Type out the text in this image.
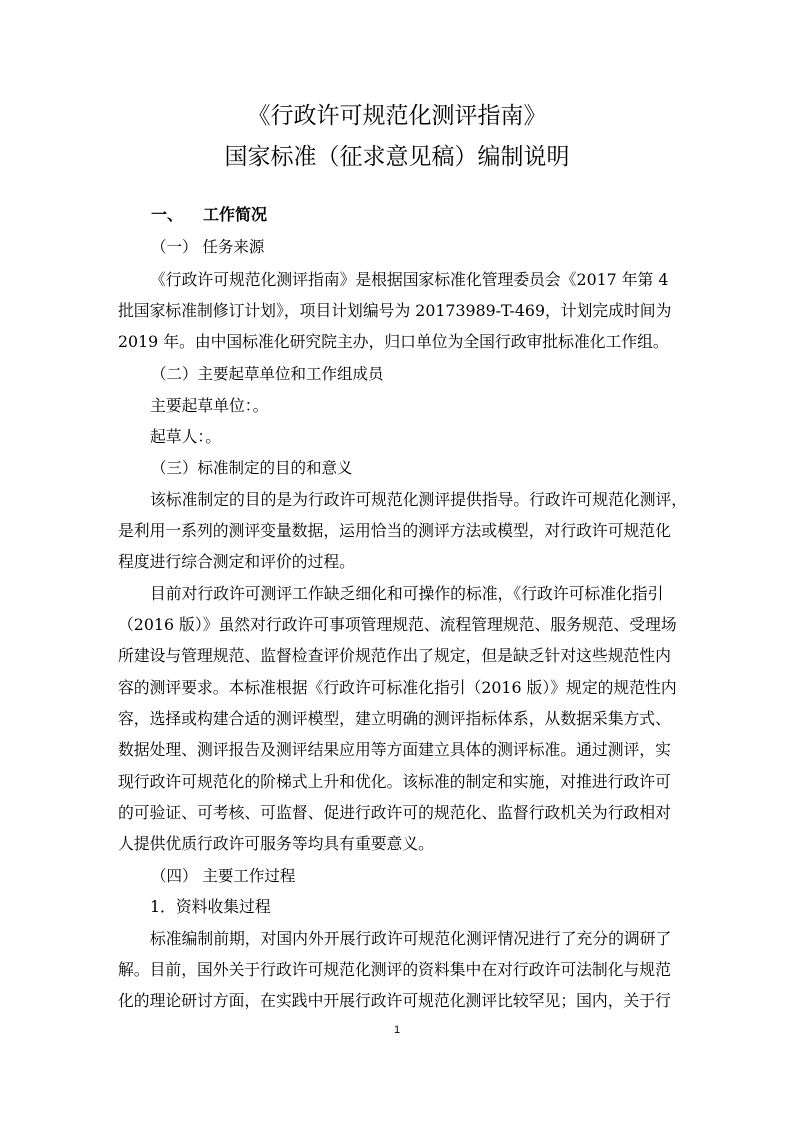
《行政许可规范化测评指南》
国家标准（征求意见稿）编制说明
一、 工作简况
（一） 任务来源
《行政许可规范化测评指南》是根据国家标准化管理委员会《2017 年第 4
批国家标准制修订计划》，项目计划编号为 20173989-T-469，计划完成时间为
2019 年。由中国标准化研究院主办，归口单位为全国行政审批标准化工作组。
（二）主要起草单位和工作组成员
主要起草单位：。
起草人：。
（三）标准制定的目的和意义
该标准制定的目的是为行政许可规范化测评提供指导。行政许可规范化测评，
是利用一系列的测评变量数据，运用恰当的测评方法或模型，对行政许可规范化
程度进行综合测定和评价的过程。
目前对行政许可测评工作缺乏细化和可操作的标准，《行政许可标准化指引
（2016 版）》虽然对行政许可事项管理规范、流程管理规范、服务规范、受理场
所建设与管理规范、监督检查评价规范作出了规定，但是缺乏针对这些规范性内
容的测评要求。本标准根据《行政许可标准化指引（2016 版）》规定的规范性内
容，选择或构建合适的测评模型，建立明确的测评指标体系，从数据采集方式、
数据处理、测评报告及测评结果应用等方面建立具体的测评标准。通过测评，实
现行政许可规范化的阶梯式上升和优化。该标准的制定和实施，对推进行政许可
的可验证、可考核、可监督、促进行政许可的规范化、监督行政机关为行政相对
人提供优质行政许可服务等均具有重要意义。
（四） 主要工作过程
1．资料收集过程
标准编制前期，对国内外开展行政许可规范化测评情况进行了充分的调研了
解。目前，国外关于行政许可规范化测评的资料集中在对行政许可法制化与规范
化的理论研讨方面，在实践中开展行政许可规范化测评比较罕见；国内，关于行
1
